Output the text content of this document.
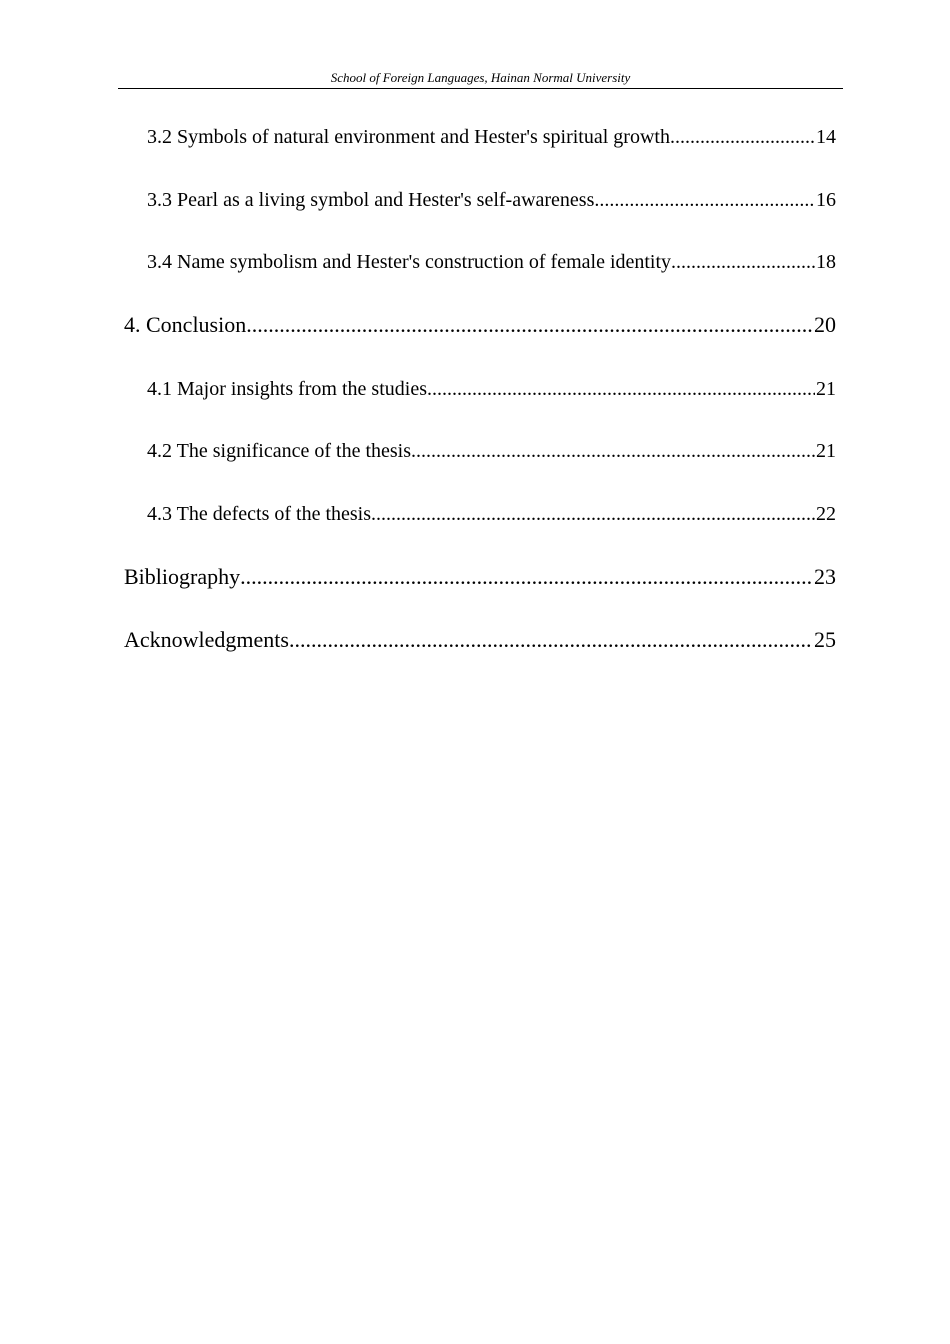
School of Foreign Languages, Hainan Normal University
3.2 Symbols of natural environment and Hester's spiritual growth .....	14
3.3 Pearl as a living symbol and Hester's self-awareness .....	16
3.4 Name symbolism and Hester's construction of female identity .....	18
4. Conclusion .....	20
4.1 Major insights from the studies .....	21
4.2 The significance of the thesis .....	21
4.3 The defects of the thesis .....	22
Bibliography .....	23
Acknowledgments .....	25
